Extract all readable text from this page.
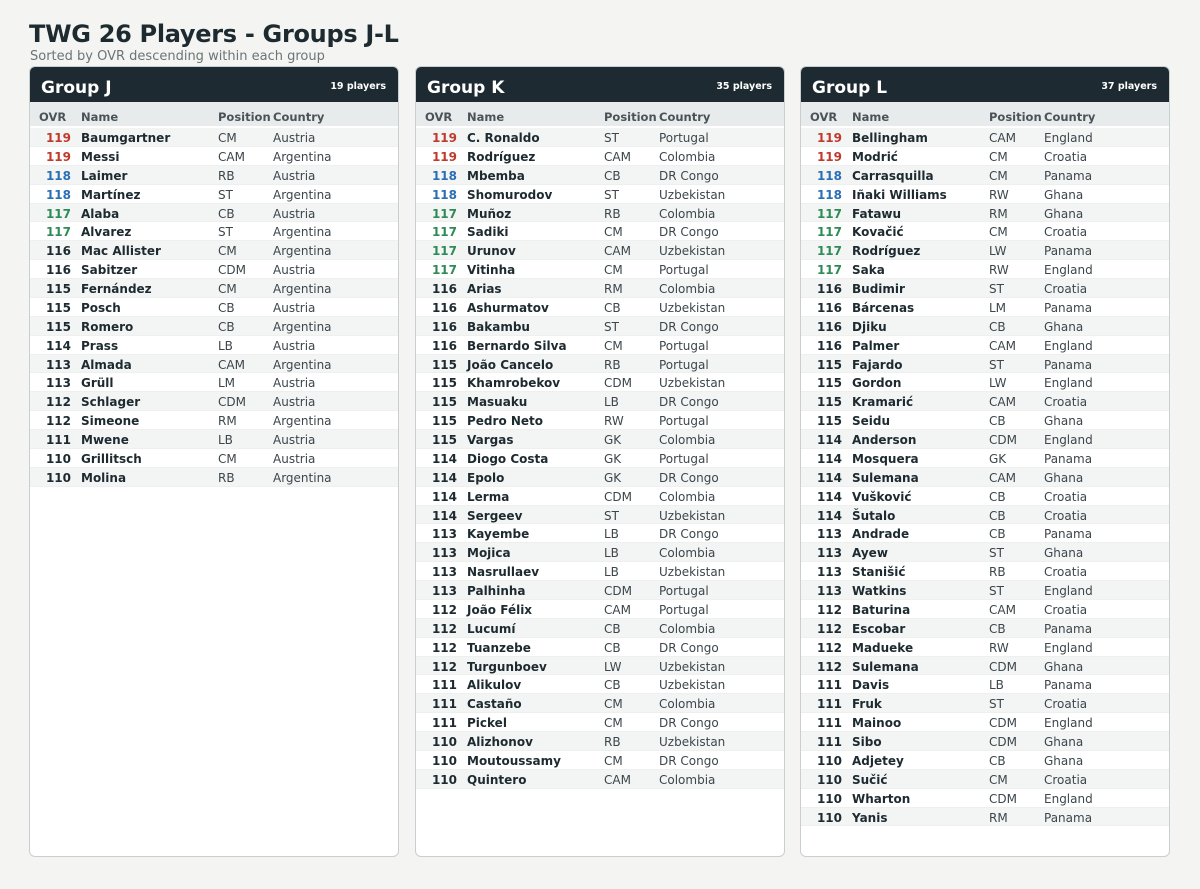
TWG 26 Players - Groups J-L
Sorted by OVR descending within each group
Group J	19 players
OVR Name	Position Country
119 Baumgartner	CM	Austria
119 Messi	CAM Argentina
118 Laimer	RB	Austria
118 Martínez	ST	Argentina
117 Alaba	CB	Austria
117 Alvarez	ST	Argentina
116 Mac Allister	CM	Argentina
116 Sabitzer	CDM Austria
115 Fernández	CM	Argentina
115 Posch	CB	Austria
115 Romero	CB	Argentina
114 Prass	LB	Austria
113 Almada	CAM Argentina
113 Grüll	LM	Austria
112 Schlager	CDM Austria
112 Simeone	RM	Argentina
111 Mwene	LB	Austria
110 Grillitsch	CM	Austria
110 Molina	RB	Argentina
Group K	35 players
OVR Name	Position Country
119 C. Ronaldo	ST	Portugal
119 Rodríguez	CAM Colombia
118 Mbemba	CB	DR Congo
118 Shomurodov	ST	Uzbekistan
117 Muñoz	RB	Colombia
117 Sadiki	CM	DR Congo
117 Urunov	CAM Uzbekistan
117 Vitinha	CM	Portugal
116 Arias	RM	Colombia
116 Ashurmatov	CB	Uzbekistan
116 Bakambu	ST	DR Congo
116 Bernardo Silva	CM	Portugal
115 João Cancelo	RB	Portugal
115 Khamrobekov	CDM Uzbekistan
115 Masuaku	LB	DR Congo
115 Pedro Neto	RW	Portugal
115 Vargas	GK	Colombia
114 Diogo Costa	GK	Portugal
114 Epolo	GK	DR Congo
114 Lerma	CDM Colombia
114 Sergeev	ST	Uzbekistan
113 Kayembe	LB	DR Congo
113 Mojica	LB	Colombia
113 Nasrullaev	LB	Uzbekistan
113 Palhinha	CDM Portugal
112 João Félix	CAM Portugal
112 Lucumí	CB	Colombia
112 Tuanzebe	CB	DR Congo
112 Turgunboev	LW	Uzbekistan
111 Alikulov	CB	Uzbekistan
111 Castaño	CM	Colombia
111 Pickel	CM	DR Congo
110 Alizhonov	RB	Uzbekistan
110 Moutoussamy	CM	DR Congo
110 Quintero	CAM Colombia
Group L	37 players
OVR Name	Position Country
119 Bellingham	CAM England
119 Modrić	CM	Croatia
118 Carrasquilla	CM	Panama
118 Iñaki Williams	RW	Ghana
117 Fatawu	RM	Ghana
117 Kovačić	CM	Croatia
117 Rodríguez	LW	Panama
117 Saka	RW	England
116 Budimir	ST	Croatia
116 Bárcenas	LM	Panama
116 Djiku	CB	Ghana
116 Palmer	CAM England
115 Fajardo	ST	Panama
115 Gordon	LW	England
115 Kramarić	CAM Croatia
115 Seidu	CB	Ghana
114 Anderson	CDM England
114 Mosquera	GK	Panama
114 Sulemana	CAM Ghana
114 Vušković	CB	Croatia
114 Šutalo	CB	Croatia
113 Andrade	CB	Panama
113 Ayew	ST	Ghana
113 Stanišić	RB	Croatia
113 Watkins	ST	England
112 Baturina	CAM Croatia
112 Escobar	CB	Panama
112 Madueke	RW	England
112 Sulemana	CDM Ghana
111 Davis	LB	Panama
111 Fruk	ST	Croatia
111 Mainoo	CDM England
111 Sibo	CDM Ghana
110 Adjetey	CB	Ghana
110 Sučić	CM	Croatia
110 Wharton	CDM England
110 Yanis	RM	Panama
